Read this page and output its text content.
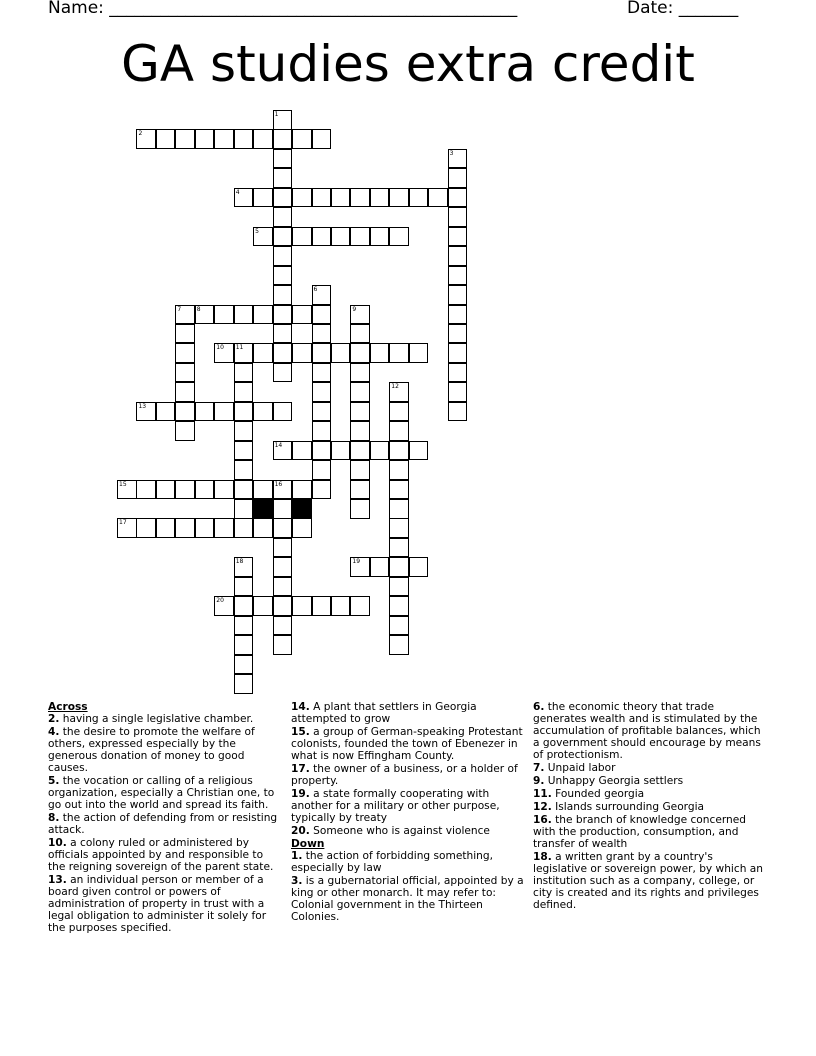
Name: ________________________________________________	Date: _______
GA studies extra credit
1
2
3
4
5
6
7	8	9
10 11
12
13
14
15	16
17
18	19
20
Across
2. having a single legislative chamber.
4. the desire to promote the welfare of others, expressed especially by the generous donation of money to good causes.
5. the vocation or calling of a religious organization, especially a Christian one, to go out into the world and spread its faith.
8. the action of defending from or resisting attack.
10. a colony ruled or administered by officials appointed by and responsible to the reigning sovereign of the parent state.
13. an individual person or member of a board given control or powers of administration of property in trust with a legal obligation to administer it solely for the purposes specified.
14. A plant that settlers in Georgia attempted to grow
15. a group of German-speaking Protestant colonists, founded the town of Ebenezer in what is now Effingham County.
17. the owner of a business, or a holder of property.
19. a state formally cooperating with another for a military or other purpose, typically by treaty
20. Someone who is against violence
Down
1. the action of forbidding something, especially by law
3. is a gubernatorial official, appointed by a king or other monarch. It may refer to: Colonial government in the Thirteen Colonies.
6. the economic theory that trade generates wealth and is stimulated by the accumulation of profitable balances, which a government should encourage by means of protectionism.
7. Unpaid labor
9. Unhappy Georgia settlers
11. Founded georgia
12. Islands surrounding Georgia
16. the branch of knowledge concerned with the production, consumption, and transfer of wealth
18. a written grant by a country's legislative or sovereign power, by which an institution such as a company, college, or city is created and its rights and privileges defined.
